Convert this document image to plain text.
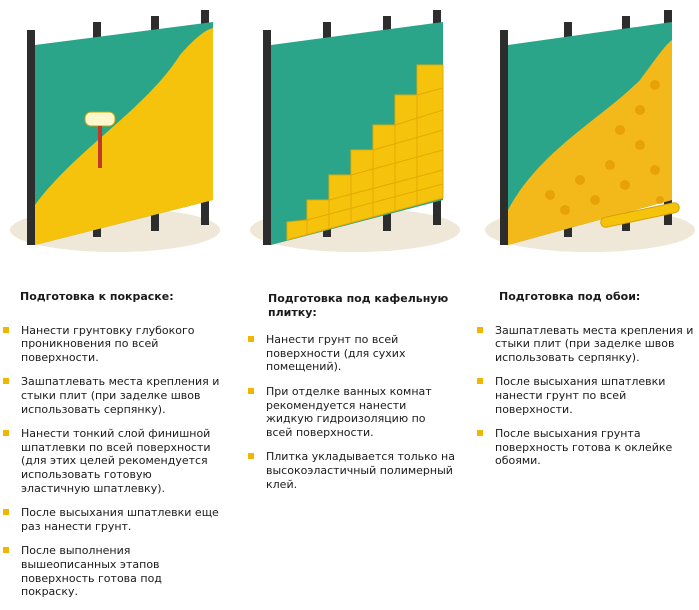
Подготовка к покраске:
Нанести грунтовку глубокого проникновения по всей поверхности.
Зашпатлевать места крепления и стыки плит (при заделке швов использовать серпянку).
Нанести тонкий слой финишной шпатлевки по всей поверхности (для этих целей рекомендуется использовать готовую эластичную шпатлевку).
После высыхания шпатлевки еще раз нанести грунт.
После выполнения вышеописанных этапов поверхность готова под покраску.
Подготовка под кафельную плитку:
Нанести грунт по всей поверхности (для сухих помещений).
При отделке ванных комнат рекомендуется нанести жидкую гидроизоляцию по всей поверхности.
Плитка укладывается только на высокоэластичный полимерный клей.
Подготовка под обои:
Зашпатлевать места крепления и стыки плит (при заделке швов использовать серпянку).
После высыхания шпатлевки нанести грунт по всей поверхности.
После высыхания грунта поверхность готова к оклейке обоями.
